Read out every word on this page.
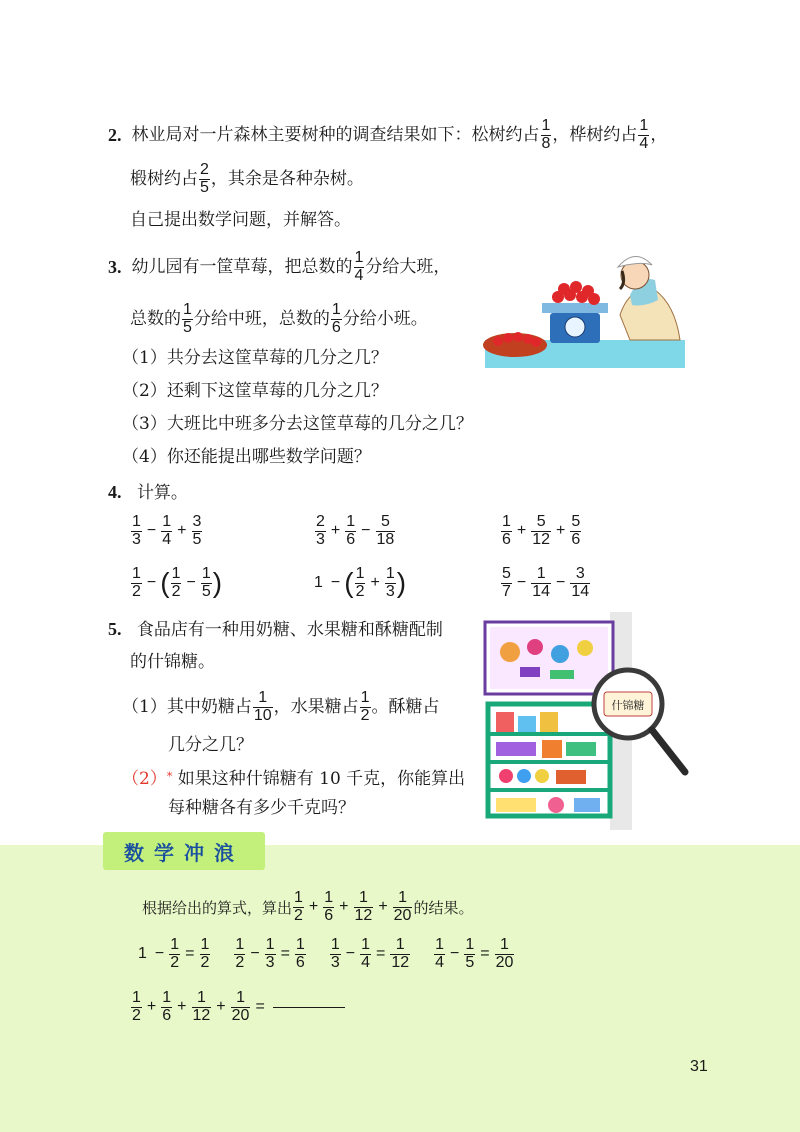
2. 林业局对一片森林主要树种的调查结果如下：松树约占 $\frac{1}{8}$ ，桦树约占 $\frac{1}{4}$ ，
椴树约占 $\frac{2}{5}$ ，其余是各种杂树。
自己提出数学问题，并解答。
3. 幼儿园有一筐草莓，把总数的 $\frac{1}{4}$ 分给大班，
总数的 $\frac{1}{5}$ 分给中班，总数的 $\frac{1}{6}$ 分给小班。
（1）共分去这筐草莓的几分之几？
（2）还剩下这筐草莓的几分之几？
（3）大班比中班多分去这筐草莓的几分之几？
（4）你还能提出哪些数学问题？
4. 计算。
$\frac{1}{3} - \frac{1}{4} + \frac{3}{5}$	$\frac{2}{3} + \frac{1}{6} - \frac{5}{18}$	$\frac{1}{6} + \frac{5}{12} + \frac{5}{6}$
$\frac{1}{2}$ − ( $\frac{1}{2} - \frac{1}{5}$ )	1 − ( $\frac{1}{2} + \frac{1}{3}$ )	$\frac{5}{7} - \frac{1}{14} - \frac{3}{14}$
5. 食品店有一种用奶糖、水果糖和酥糖配制
的什锦糖。
（1） 其中奶糖占 $\frac{1}{10}$ ，水果糖占 $\frac{1}{2}$ 。酥糖占
几分之几？
（2）* 如果这种什锦糖有 10 千克，你能算出
每种糖各有多少千克吗？
什锦糖
数学冲浪
根据给出的算式，算出 $\frac{1}{2} + \frac{1}{6} + \frac{1}{12} + \frac{1}{20}$ 的结果。
$1 - \frac{1}{2} = \frac{1}{2} \frac{1}{2} - \frac{1}{3} = \frac{1}{6} \frac{1}{3} - \frac{1}{4} = \frac{1}{12} \frac{1}{4} - \frac{1}{5} = \frac{1}{20}$
$\frac{1}{2} + \frac{1}{6} + \frac{1}{12} + \frac{1}{20}$ =
31
